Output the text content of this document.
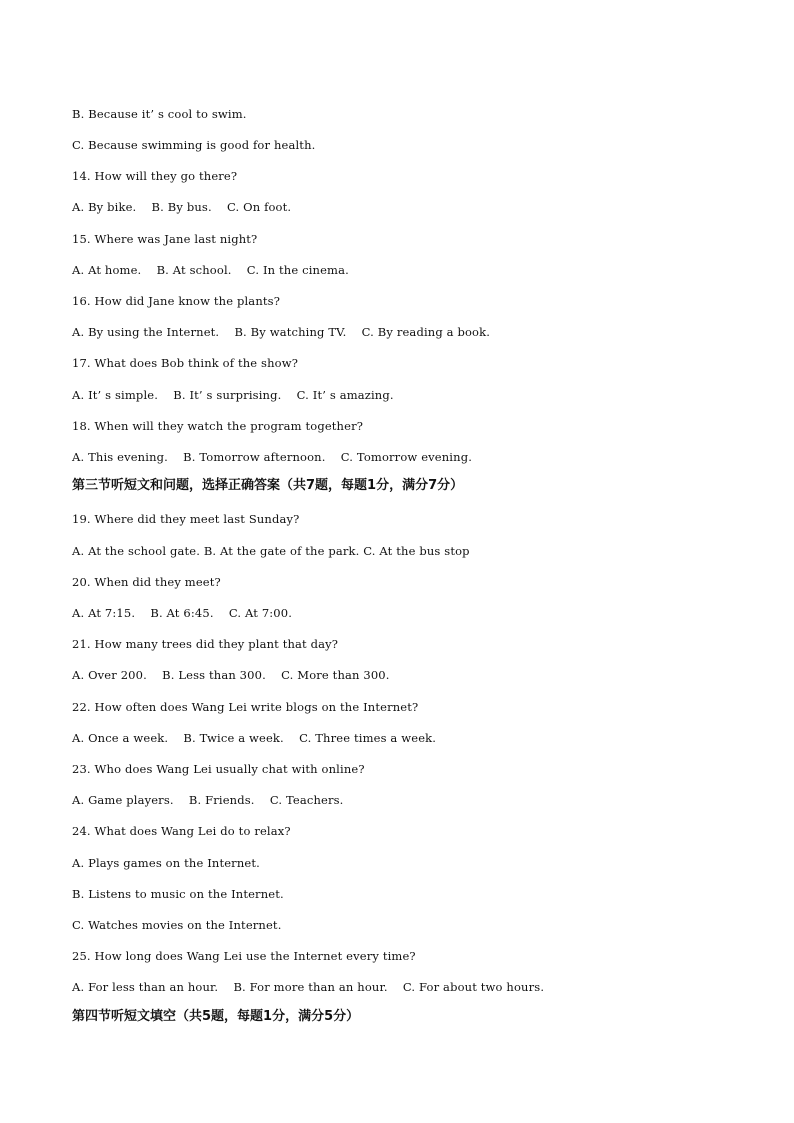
B. Because it’ s cool to swim.
C. Because swimming is good for health.
14. How will they go there?
A. By bike.    B. By bus.    C. On foot.
15. Where was Jane last night?
A. At home.    B. At school.    C. In the cinema.
16. How did Jane know the plants?
A. By using the Internet.    B. By watching TV.    C. By reading a book.
17. What does Bob think of the show?
A. It’ s simple.    B. It’ s surprising.    C. It’ s amazing.
18. When will they watch the program together?
A. This evening.    B. Tomorrow afternoon.    C. Tomorrow evening.
第三节听短文和问题，选择正确答案（共7题，每题1分，满分7分）
19. Where did they meet last Sunday?
A. At the school gate. B. At the gate of the park. C. At the bus stop
20. When did they meet?
A. At 7:15.    B. At 6:45.    C. At 7:00.
21. How many trees did they plant that day?
A. Over 200.    B. Less than 300.    C. More than 300.
22. How often does Wang Lei write blogs on the Internet?
A. Once a week.    B. Twice a week.    C. Three times a week.
23. Who does Wang Lei usually chat with online?
A. Game players.    B. Friends.    C. Teachers.
24. What does Wang Lei do to relax?
A. Plays games on the Internet.
B. Listens to music on the Internet.
C. Watches movies on the Internet.
25. How long does Wang Lei use the Internet every time?
A. For less than an hour.    B. For more than an hour.    C. For about two hours.
第四节听短文填空（共5题，每题1分，满分5分）
